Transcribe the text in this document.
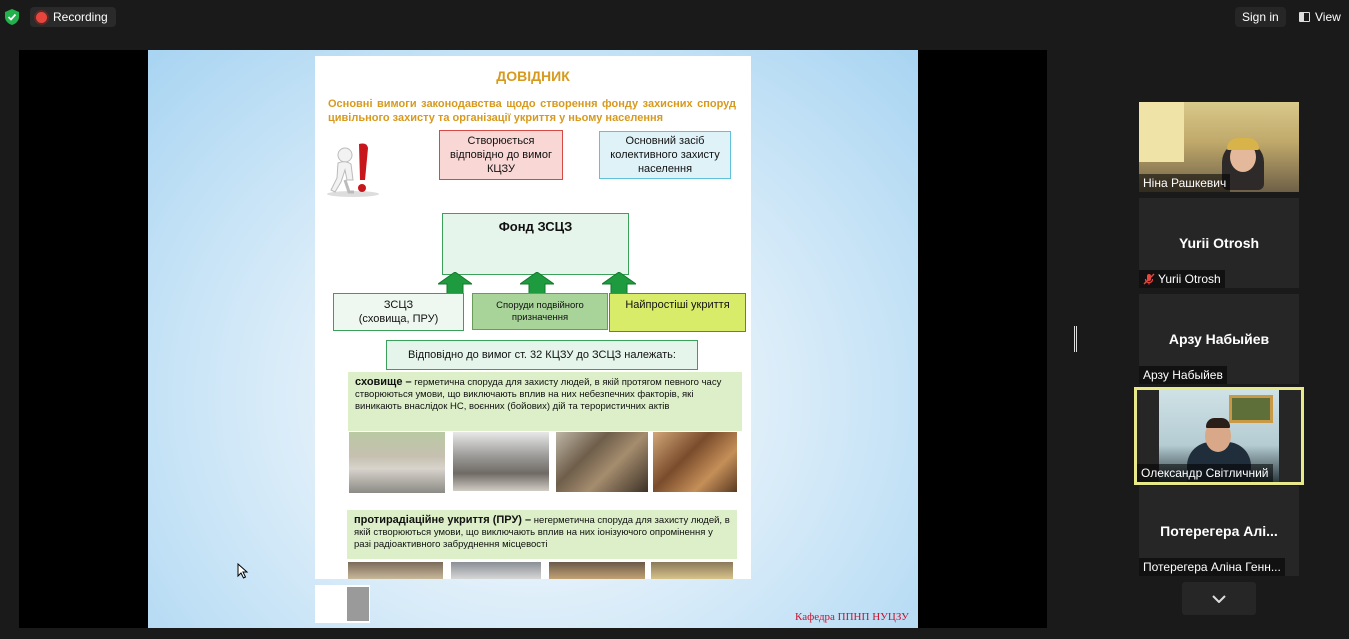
Recording	Sign in	View
ДОВІДНИК
Основні вимоги законодавства щодо створення фонду захисних споруд цивільного захисту та організації укриття у ньому населення
Створюється відповідно до вимог КЦЗУ
Основний засіб колективного захисту населення
Фонд ЗСЦЗ
ЗСЦЗ
(сховища, ПРУ)
Споруди подвійного призначення
Найпростіші укриття
Відповідно до вимог ст. 32 КЦЗУ до ЗСЦЗ належать:
сховище – герметична споруда для захисту людей, в якій протягом певного часу створюються умови, що виключають вплив на них небезпечних факторів, які виникають внаслідок НС, воєнних (бойових) дій та терористичних актів
протирадіаційне укриття (ПРУ) – негерметична споруда для захисту людей, в якій створюються умови, що виключають вплив на них іонізуючого опромінення у разі радіоактивного забруднення місцевості
Кафедра ППНП НУЦЗУ
Ніна Рашкевич
Yurii Otrosh
Yurii Otrosh
Арзу Набыйев
Арзу Набыйев
Олександр Світличний
Потерегера Алі...
Потерегера Аліна Генн...
